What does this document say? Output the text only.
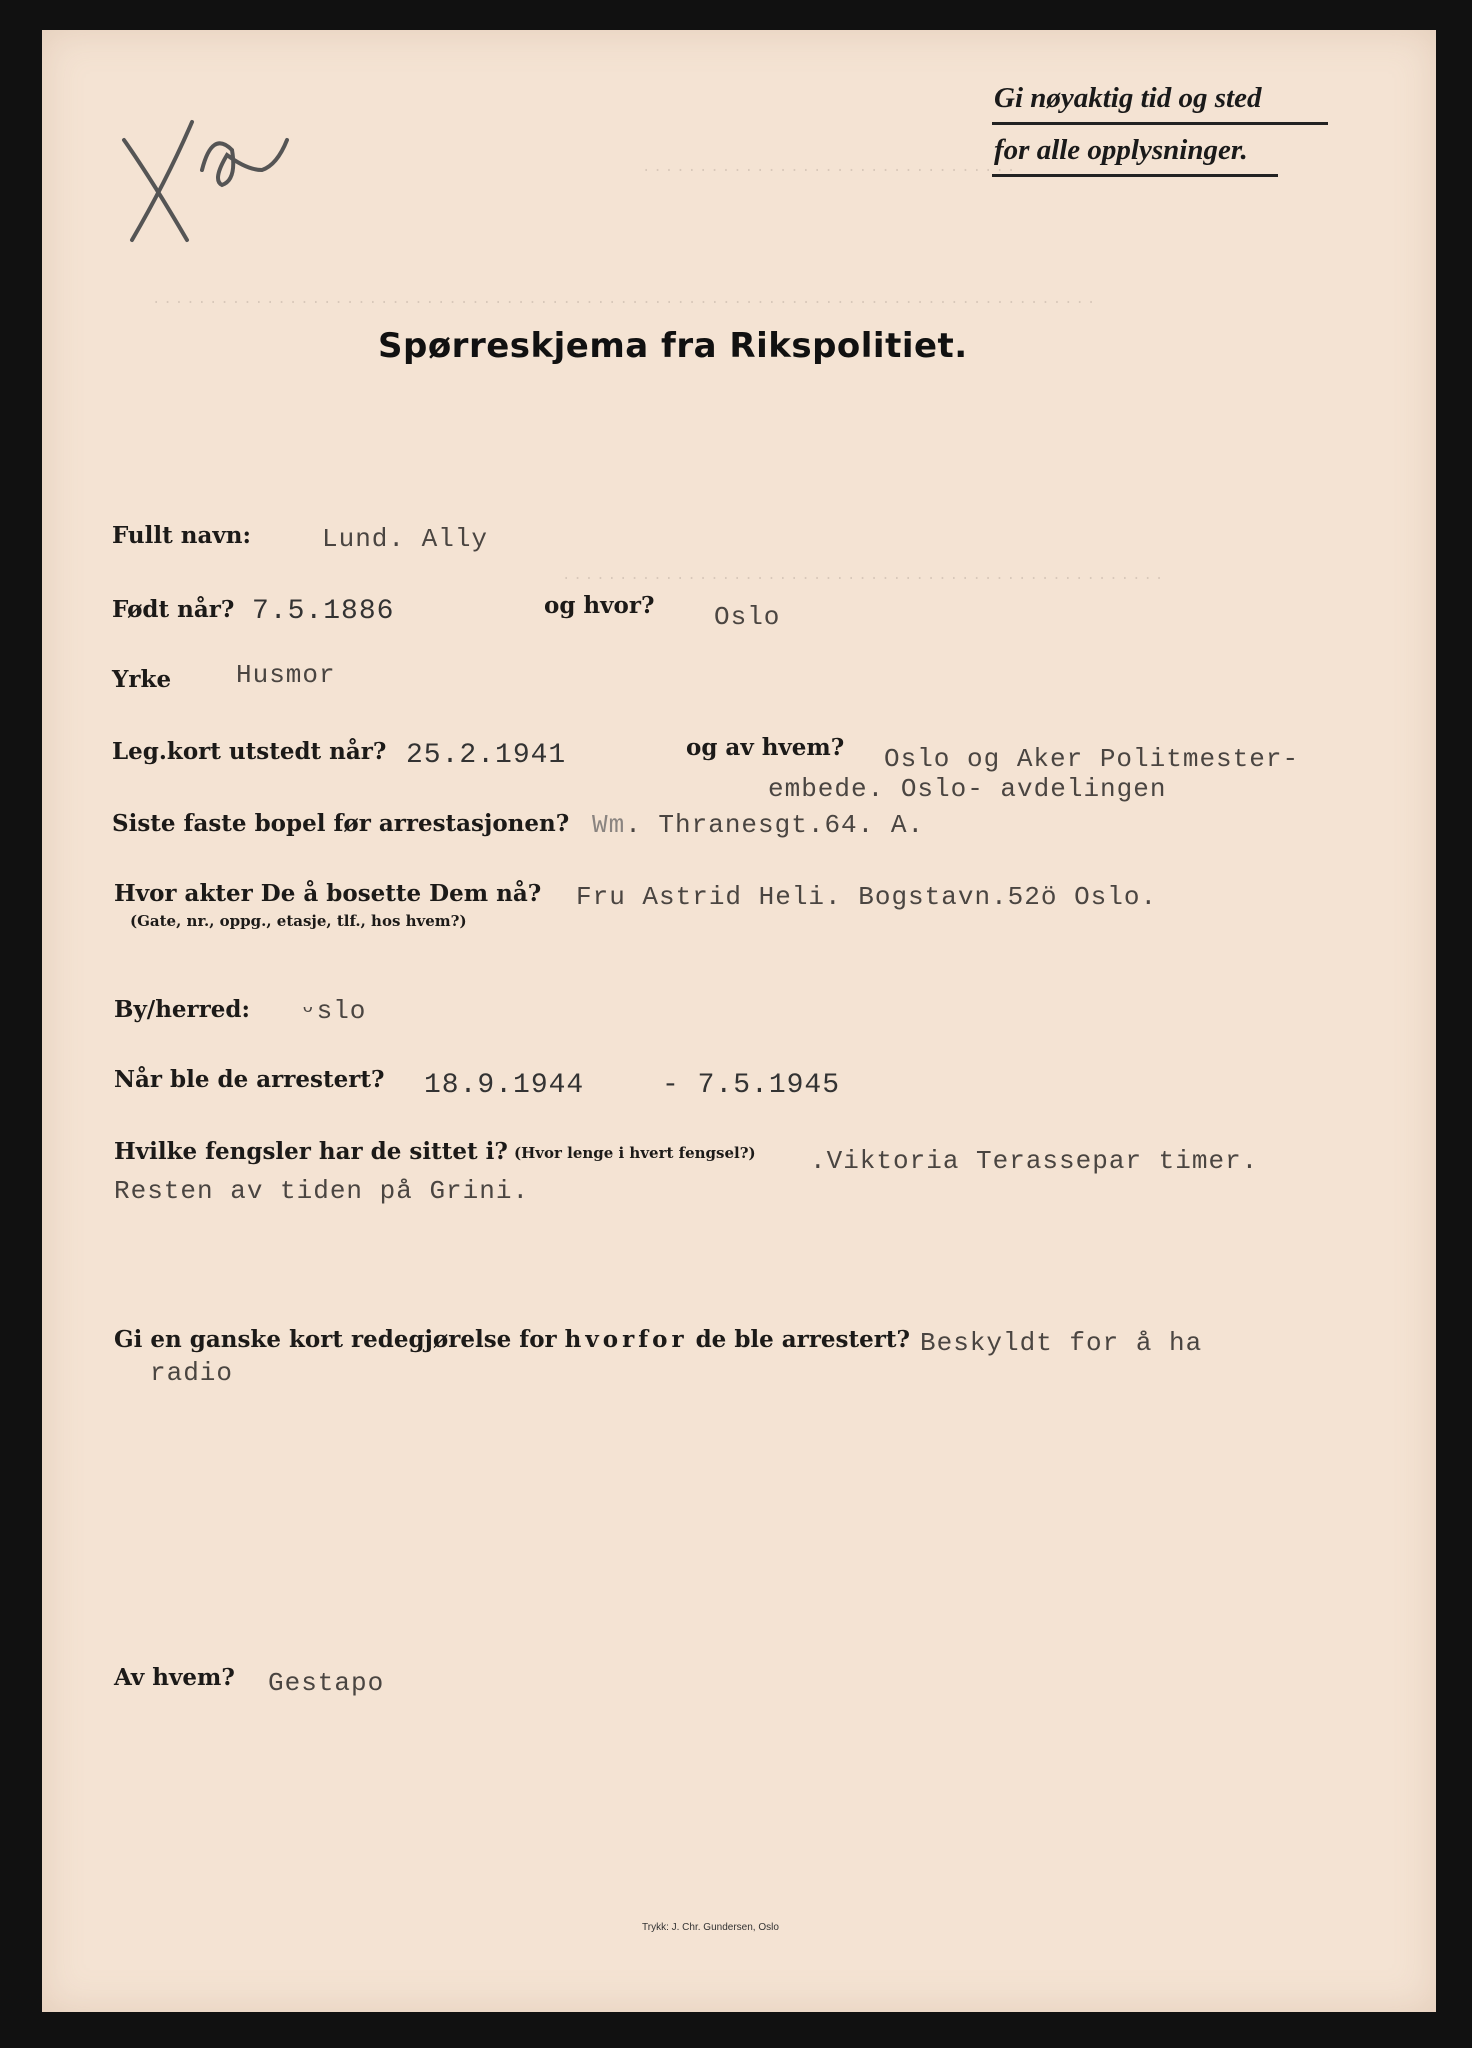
Gi nøyaktig tid og sted
for alle opplysninger.
.................................
...................................................................................
.....................................................
Spørreskjema fra Rikspolitiet.
Fullt navn:	Lund. Ally
Født når? 7.5.1886	og hvor? Oslo
Yrke Husmor
Leg.kort utstedt når? 25.2.1941	og av hvem? Oslo og Aker Politmester-
embede. Oslo- avdelingen
Siste faste bopel før arrestasjonen? Wm. Thranesgt.64. A.
Hvor akter De å bosette Dem nå?
(Gate, nr., oppg., etasje, tlf., hos hvem?)
Fru Astrid Heli. Bogstavn.52ö Oslo.
By/herred: ᵕslo
Når ble de arrestert? 18.9.1944	- 7.5.1945
Hvilke fengsler har de sittet i? (Hvor lenge i hvert fengsel?) .Viktoria Terassepar timer.
Resten av tiden på Grini.
Gi en ganske kort redegjørelse for hvorfor de ble arrestert? Beskyldt for å ha
radio
Av hvem? Gestapo
Trykk: J. Chr. Gundersen, Oslo
